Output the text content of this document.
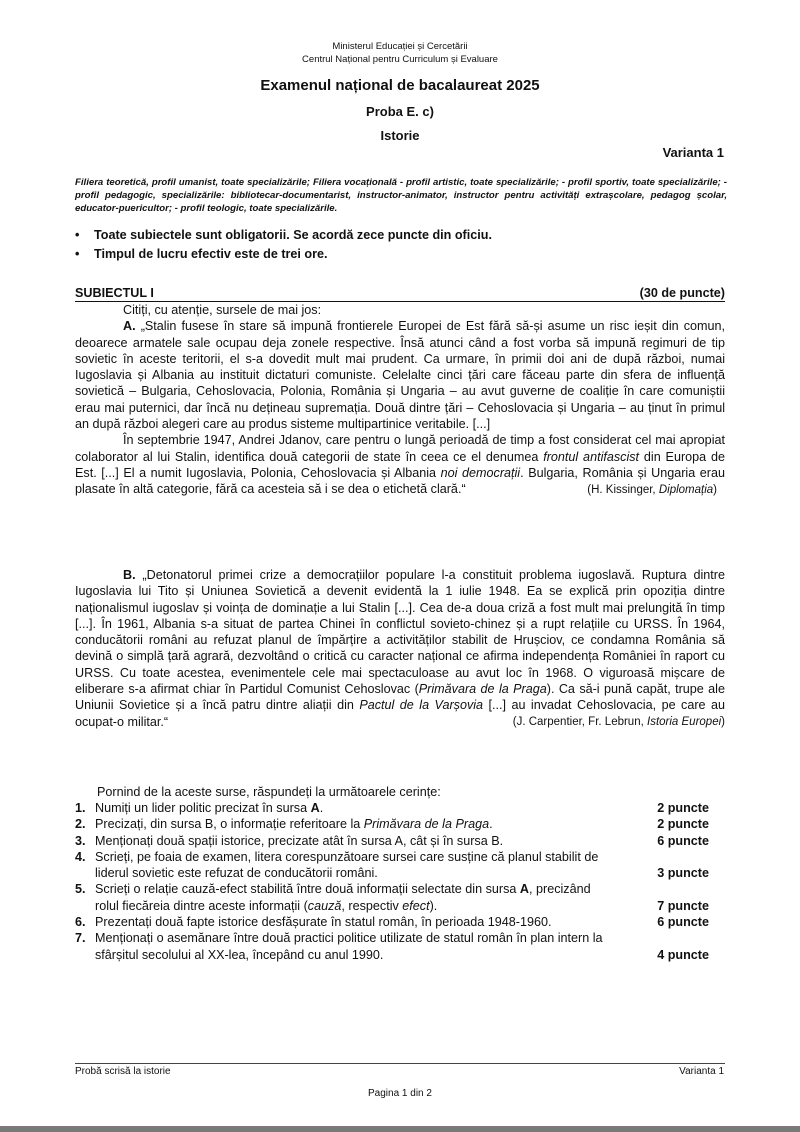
Ministerul Educației și Cercetării
Centrul Național pentru Curriculum și Evaluare
Examenul național de bacalaureat 2025
Proba E. c)
Istorie
Varianta 1
Filiera teoretică, profil umanist, toate specializările; Filiera vocațională - profil artistic, toate specializările; - profil sportiv, toate specializările; - profil pedagogic, specializările: bibliotecar-documentarist, instructor-animator, instructor pentru activități extrașcolare, pedagog școlar, educator-puericultor; - profil teologic, toate specializările.
• Toate subiectele sunt obligatorii. Se acordă zece puncte din oficiu.
• Timpul de lucru efectiv este de trei ore.
SUBIECTUL I	(30 de puncte)
Citiți, cu atenție, sursele de mai jos:
A. „Stalin fusese în stare să impună frontierele Europei de Est fără să-și asume un risc ieșit din comun, deoarece armatele sale ocupau deja zonele respective. Însă atunci când a fost vorba să impună regimuri de tip sovietic în aceste teritorii, el s-a dovedit mult mai prudent. Ca urmare, în primii doi ani de după război, numai Iugoslavia și Albania au instituit dictaturi comuniste. Celelalte cinci țări care făceau parte din sfera de influență sovietică – Bulgaria, Cehoslovacia, Polonia, România și Ungaria – au avut guverne de coaliție în care comuniștii erau mai puternici, dar încă nu dețineau supremația. Două dintre țări – Cehoslovacia și Ungaria – au ținut în primul an după război alegeri care au produs sisteme multipartinice veritabile. [...]
În septembrie 1947, Andrei Jdanov, care pentru o lungă perioadă de timp a fost considerat cel mai apropiat colaborator al lui Stalin, identifica două categorii de state în ceea ce el denumea frontul antifascist din Europa de Est. [...] El a numit Iugoslavia, Polonia, Cehoslovacia și Albania noi democrații. Bulgaria, România și Ungaria erau plasate în altă categorie, fără ca acesteia să i se dea o etichetă clară.“	(H. Kissinger, Diplomația)
B. „Detonatorul primei crize a democrațiilor populare l-a constituit problema iugoslavă. Ruptura dintre Iugoslavia lui Tito și Uniunea Sovietică a devenit evidentă la 1 iulie 1948. Ea se explică prin opoziția dintre naționalismul iugoslav și voința de dominație a lui Stalin [...]. Cea de-a doua criză a fost mult mai prelungită în timp [...]. În 1961, Albania s-a situat de partea Chinei în conflictul sovieto-chinez și a rupt relațiile cu URSS. În 1964, conducătorii români au refuzat planul de împărțire a activităților stabilit de Hrușciov, ce condamna România să devină o simplă țară agrară, dezvoltând o critică cu caracter național ce afirma independența României în raport cu URSS. Cu toate acestea, evenimentele cele mai spectaculoase au avut loc în 1968. O viguroasă mișcare de eliberare s-a afirmat chiar în Partidul Comunist Cehoslovac (Primăvara de la Praga). Ca să-i pună capăt, trupe ale Uniunii Sovietice și a încă patru dintre aliații din Pactul de la Varșovia [...] au invadat Cehoslovacia, pe care au ocupat-o militar.“	(J. Carpentier, Fr. Lebrun, Istoria Europei)
Pornind de la aceste surse, răspundeți la următoarele cerințe:
1. Numiți un lider politic precizat în sursa A.	2 puncte
2. Precizați, din sursa B, o informație referitoare la Primăvara de la Praga.	2 puncte
3. Menționați două spații istorice, precizate atât în sursa A, cât și în sursa B.	6 puncte
4. Scrieți, pe foaia de examen, litera corespunzătoare sursei care susține că planul stabilit de liderul sovietic este refuzat de conducătorii români.	3 puncte
5. Scrieți o relație cauză-efect stabilită între două informații selectate din sursa A, precizând rolul fiecăreia dintre aceste informații (cauză, respectiv efect).	7 puncte
6. Prezentați două fapte istorice desfășurate în statul român, în perioada 1948-1960.	6 puncte
7. Menționați o asemănare între două practici politice utilizate de statul român în plan intern la sfârșitul secolului al XX-lea, începând cu anul 1990.	4 puncte
Probă scrisă la istorie	Varianta 1
Pagina 1 din 2
